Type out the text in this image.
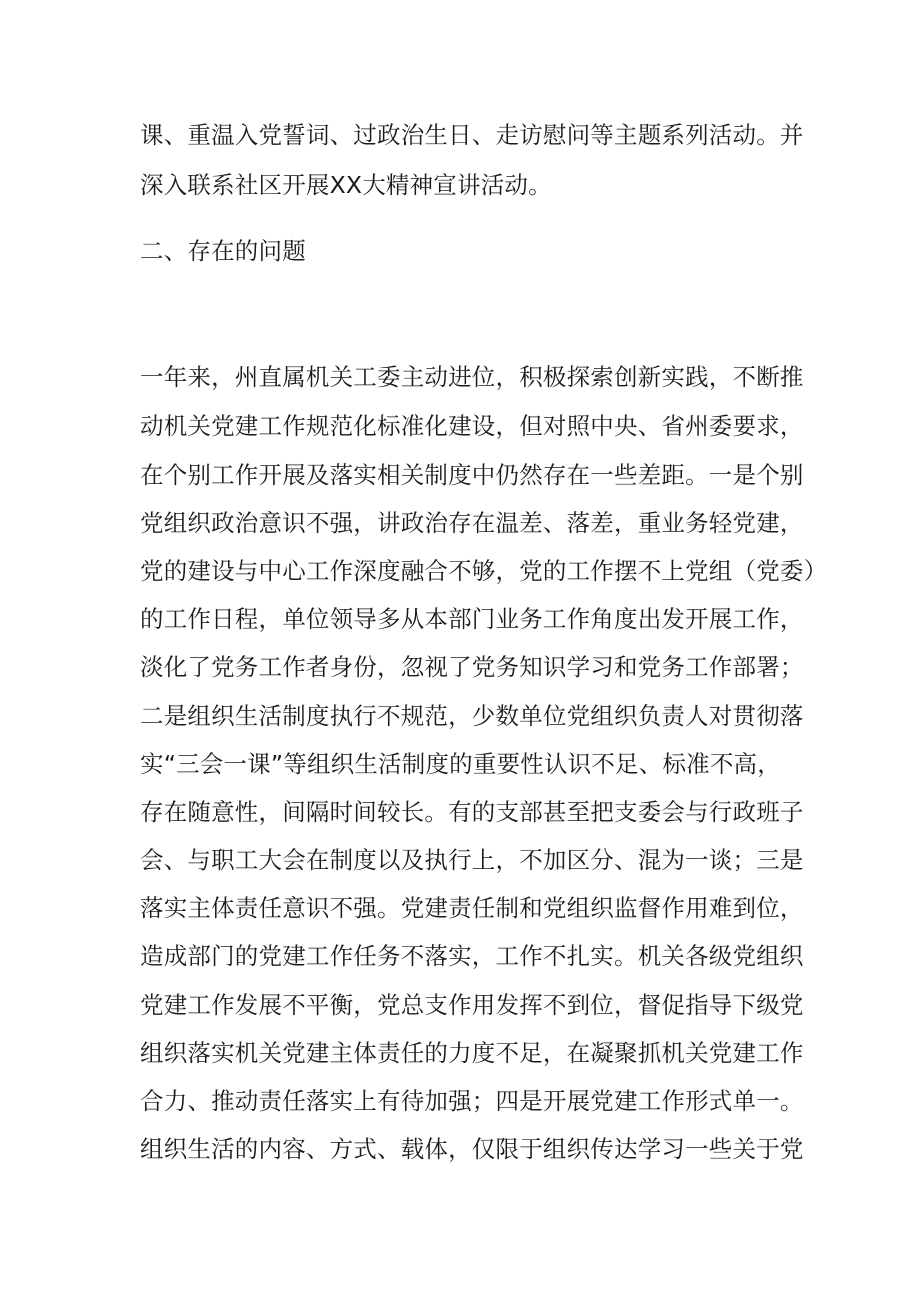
课、重温入党誓词、过政治生日、走访慰问等主题系列活动。并
深入联系社区开展XX大精神宣讲活动。
二、存在的问题
一年来，州直属机关工委主动进位，积极探索创新实践，不断推
动机关党建工作规范化标准化建设，但对照中央、省州委要求，
在个别工作开展及落实相关制度中仍然存在一些差距。一是个别
党组织政治意识不强，讲政治存在温差、落差，重业务轻党建，
党的建设与中心工作深度融合不够，党的工作摆不上党组（党委）
的工作日程，单位领导多从本部门业务工作角度出发开展工作，
淡化了党务工作者身份，忽视了党务知识学习和党务工作部署；
二是组织生活制度执行不规范，少数单位党组织负责人对贯彻落
实“三会一课”等组织生活制度的重要性认识不足、标准不高，
存在随意性，间隔时间较长。有的支部甚至把支委会与行政班子
会、与职工大会在制度以及执行上，不加区分、混为一谈；三是
落实主体责任意识不强。党建责任制和党组织监督作用难到位，
造成部门的党建工作任务不落实，工作不扎实。机关各级党组织
党建工作发展不平衡，党总支作用发挥不到位，督促指导下级党
组织落实机关党建主体责任的力度不足，在凝聚抓机关党建工作
合力、推动责任落实上有待加强；四是开展党建工作形式单一。
组织生活的内容、方式、载体，仅限于组织传达学习一些关于党
